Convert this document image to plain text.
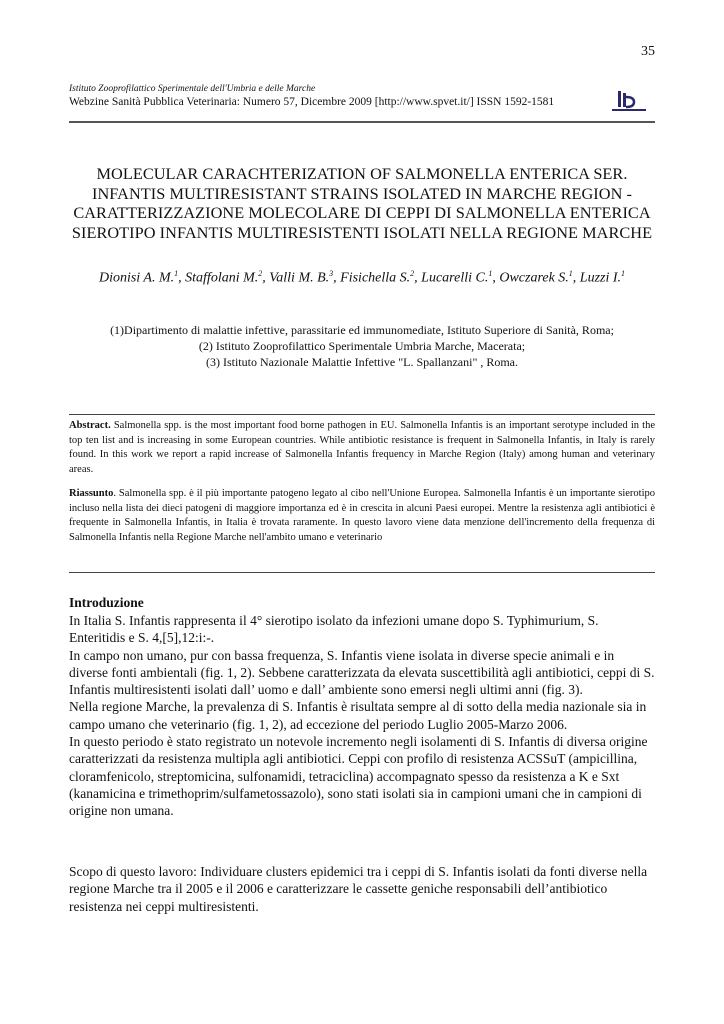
35
Istituto Zooprofilattico Sperimentale dell'Umbria e delle Marche
Webzine Sanità Pubblica Veterinaria: Numero 57, Dicembre 2009 [http://www.spvet.it/] ISSN 1592-1581
MOLECULAR CARACHTERIZATION OF SALMONELLA ENTERICA SER. INFANTIS MULTIRESISTANT STRAINS ISOLATED IN MARCHE REGION - CARATTERIZZAZIONE MOLECOLARE DI CEPPI DI SALMONELLA ENTERICA SIEROTIPO INFANTIS MULTIRESISTENTI ISOLATI NELLA REGIONE MARCHE
Dionisi A. M.$^1$, Staffolani M.$^2$, Valli M. B.$^3$, Fisichella S.$^2$, Lucarelli C.$^1$, Owczarek S.$^1$, Luzzi I.$^1$
(1)Dipartimento di malattie infettive, parassitarie ed immunomediate, Istituto Superiore di Sanità, Roma;
(2) Istituto Zooprofilattico Sperimentale Umbria Marche, Macerata;
(3) Istituto Nazionale Malattie Infettive "L. Spallanzani" , Roma.
Abstract. Salmonella spp. is the most important food borne pathogen in EU. Salmonella Infantis is an important serotype included in the top ten list and is increasing in some European countries. While antibiotic resistance is frequent in Salmonella Infantis, in Italy is rarely found. In this work we report a rapid increase of Salmonella Infantis frequency in Marche Region (Italy) among human and veterinary areas.
Riassunto. Salmonella spp. è il più importante patogeno legato al cibo nell'Unione Europea. Salmonella Infantis è un importante sierotipo incluso nella lista dei dieci patogeni di maggiore importanza ed è in crescita in alcuni Paesi europei. Mentre la resistenza agli antibiotici è frequente in Salmonella Infantis, in Italia è trovata raramente. In questo lavoro viene data menzione dell'incremento della frequenza di Salmonella Infantis nella Regione Marche nell'ambito umano e veterinario
Introduzione

In Italia S. Infantis rappresenta il 4° sierotipo isolato da infezioni umane dopo S. Typhimurium, S. Enteritidis e S. 4,[5],12:i:-.

In campo non umano, pur con bassa frequenza, S. Infantis viene isolata in diverse specie animali e in diverse fonti ambientali (fig. 1, 2). Sebbene caratterizzata da elevata suscettibilità agli antibiotici, ceppi di S. Infantis multiresistenti isolati dall’ uomo e dall’ ambiente sono emersi negli ultimi anni (fig. 3).

Nella regione Marche, la prevalenza di S. Infantis è risultata sempre al di sotto della media nazionale sia in campo umano che veterinario (fig. 1, 2), ad eccezione del periodo Luglio 2005-Marzo 2006.

In questo periodo è stato registrato un notevole incremento negli isolamenti di S. Infantis di diversa origine caratterizzati da resistenza multipla agli antibiotici. Ceppi con profilo di resistenza ACSSuT (ampicillina, cloramfenicolo, streptomicina, sulfonamidi, tetraciclina) accompagnato spesso da resistenza a K e Sxt (kanamicina e trimethoprim/sulfametossazolo), sono stati isolati sia in campioni umani che in campioni di origine non umana.

Scopo di questo lavoro: Individuare clusters epidemici tra i ceppi di S. Infantis isolati da fonti diverse nella regione Marche tra il 2005 e il 2006 e caratterizzare le cassette geniche responsabili dell’antibiotico resistenza nei ceppi multiresistenti.
